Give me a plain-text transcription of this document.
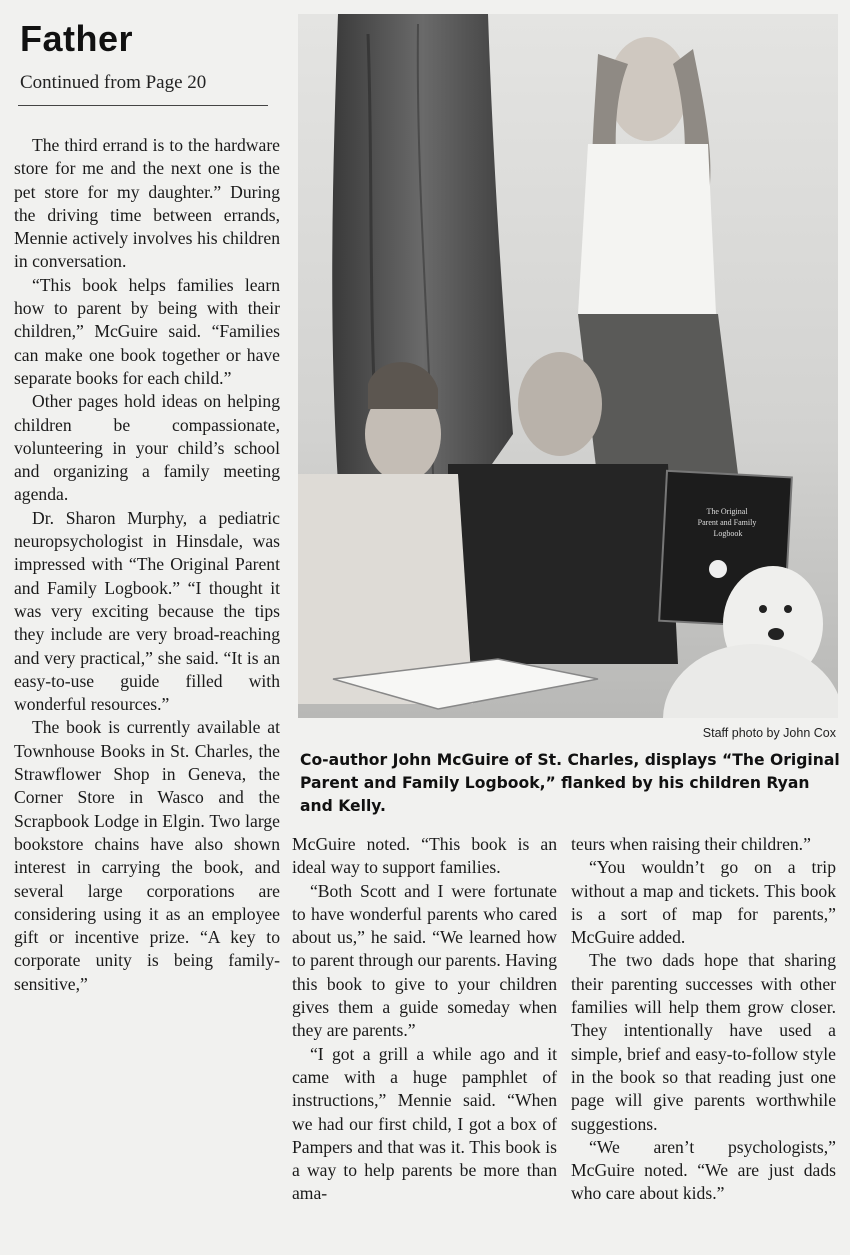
Father

Continued from Page 20

The third errand is to the hardware store for me and the next one is the pet store for my daughter.” During the driving time between errands, Mennie actively involves his children in conversation.

“This book helps families learn how to parent by being with their children,” McGuire said. “Families can make one book together or have separate books for each child.”

Other pages hold ideas on helping children be compassionate, volunteering in your child’s school and organizing a family meeting agenda.

Dr. Sharon Murphy, a pediatric neuropsychologist in Hinsdale, was impressed with “The Original Parent and Family Logbook.” “I thought it was very exciting because the tips they include are very broad-reaching and very practical,” she said. “It is an easy-to-use guide filled with wonderful resources.”

The book is currently available at Townhouse Books in St. Charles, the Strawflower Shop in Geneva, the Corner Store in Wasco and the Scrapbook Lodge in Elgin. Two large bookstore chains have also shown interest in carrying the book, and several large corporations are considering using it as an employee gift or incentive prize. “A key to corporate unity is being family-sensitive,”

The Original Parent and Family Logbook

Staff photo by John Cox

Co-author John McGuire of St. Charles, displays “The Original Parent and Family Logbook,” flanked by his children Ryan and Kelly.

McGuire noted. “This book is an ideal way to support families.

“Both Scott and I were fortunate to have wonderful parents who cared about us,” he said. “We learned how to parent through our parents. Having this book to give to your children gives them a guide someday when they are parents.”

“I got a grill a while ago and it came with a huge pamphlet of instructions,” Mennie said. “When we had our first child, I got a box of Pampers and that was it. This book is a way to help parents be more than ama-

teurs when raising their children.”

“You wouldn’t go on a trip without a map and tickets. This book is a sort of map for parents,” McGuire added.

The two dads hope that sharing their parenting successes with other families will help them grow closer. They intentionally have used a simple, brief and easy-to-follow style in the book so that reading just one page will give parents worthwhile suggestions.

“We aren’t psychologists,” McGuire noted. “We are just dads who care about kids.”
